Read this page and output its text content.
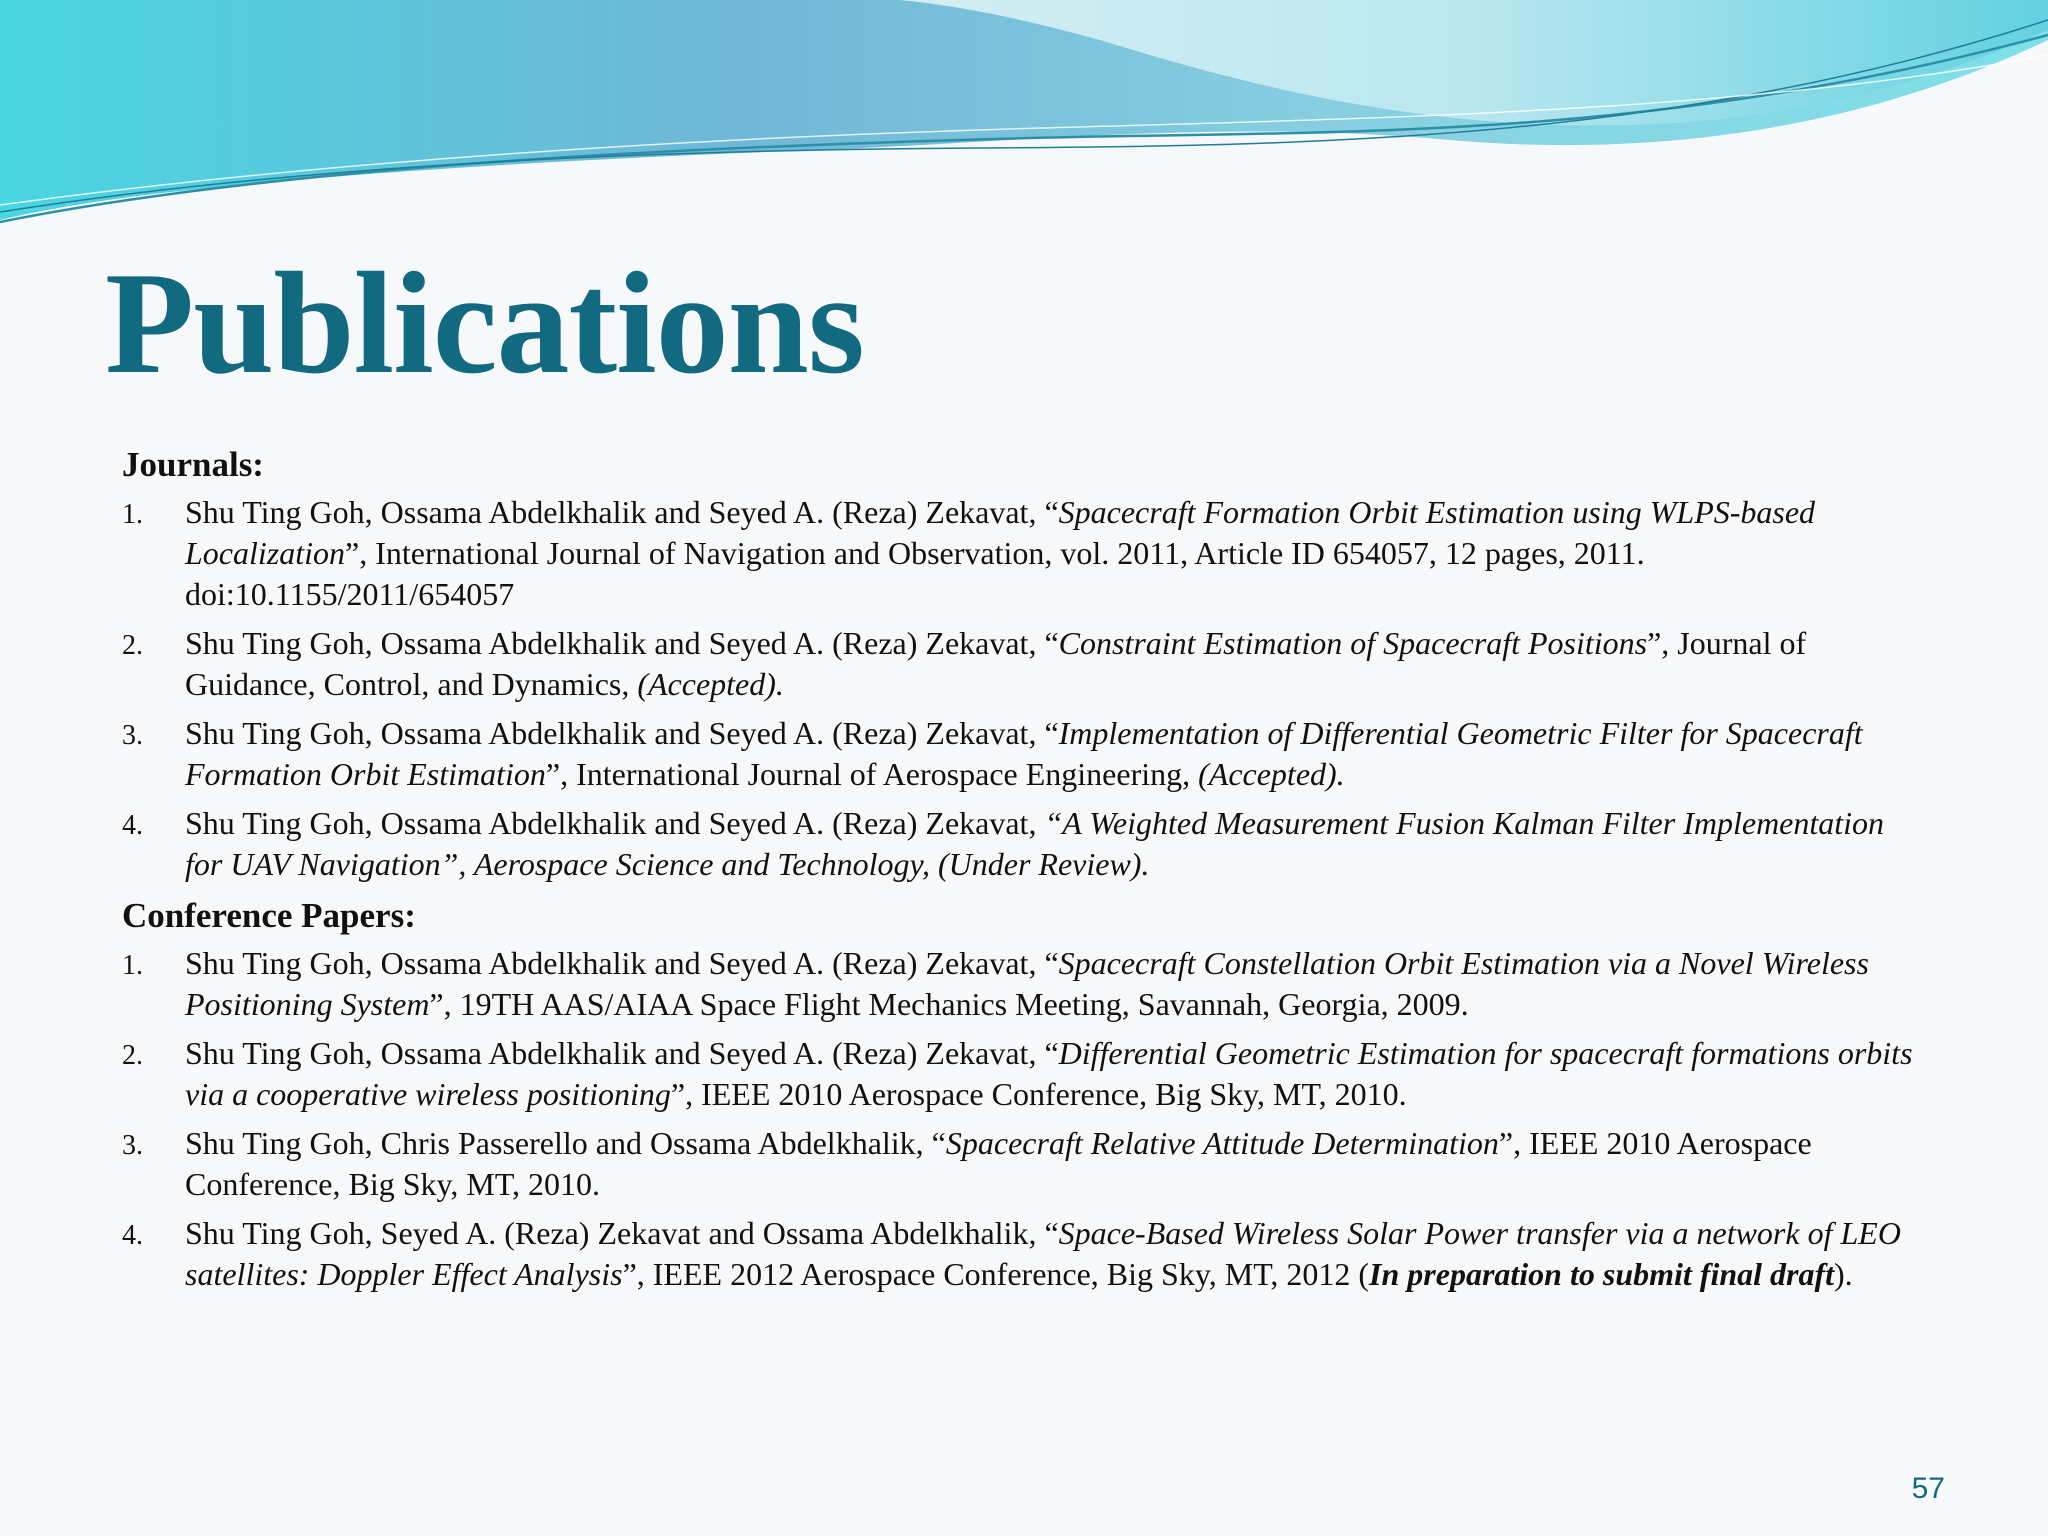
Publications
Journals:
1 . Shu Ting Goh, Ossama Abdelkhalik and Seyed A. (Reza) Zekavat, “Spacecraft Formation Orbit Estimation using WLPS-based Localization”, International Journal of Navigation and Observation, vol. 2011, Article ID 654057, 12 pages, 2011. doi:10.1155/2011/654057
2 . Shu Ting Goh, Ossama Abdelkhalik and Seyed A. (Reza) Zekavat, “Constraint Estimation of Spacecraft Positions”, Journal of Guidance, Control, and Dynamics, (Accepted).
3 . Shu Ting Goh, Ossama Abdelkhalik and Seyed A. (Reza) Zekavat, “Implementation of Differential Geometric Filter for Spacecraft Formation Orbit Estimation”, International Journal of Aerospace Engineering, (Accepted).
4 . Shu Ting Goh, Ossama Abdelkhalik and Seyed A. (Reza) Zekavat, “A Weighted Measurement Fusion Kalman Filter Implementation for UAV Navigation”, Aerospace Science and Technology, (Under Review).
Conference Papers:
1 . Shu Ting Goh, Ossama Abdelkhalik and Seyed A. (Reza) Zekavat, “Spacecraft Constellation Orbit Estimation via a Novel Wireless Positioning System”, 19TH AAS/AIAA Space Flight Mechanics Meeting, Savannah, Georgia, 2009.
2 . Shu Ting Goh, Ossama Abdelkhalik and Seyed A. (Reza) Zekavat, “Differential Geometric Estimation for spacecraft formations orbits via a cooperative wireless positioning”, IEEE 2010 Aerospace Conference, Big Sky, MT, 2010.
3 . Shu Ting Goh, Chris Passerello and Ossama Abdelkhalik, “Spacecraft Relative Attitude Determination”, IEEE 2010 Aerospace Conference, Big Sky, MT, 2010.
4 . Shu Ting Goh, Seyed A. (Reza) Zekavat and Ossama Abdelkhalik, “Space-Based Wireless Solar Power transfer via a network of LEO satellites: Doppler Effect Analysis”, IEEE 2012 Aerospace Conference, Big Sky, MT, 2012 (In preparation to submit final draft).
57
